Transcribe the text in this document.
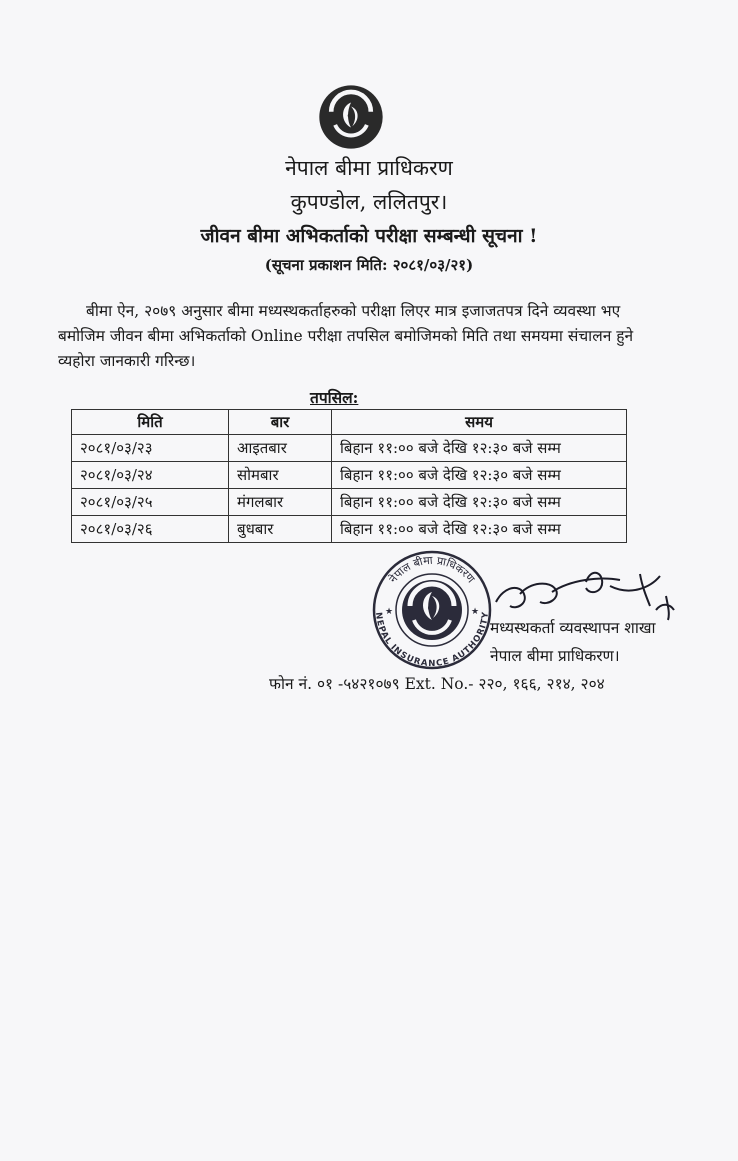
नेपाल बीमा प्राधिकरण
कुपण्डोल, ललितपुर।
जीवन बीमा अभिकर्ताको परीक्षा सम्बन्धी सूचना !
(सूचना प्रकाशन मिति: २०८१/०३/२१)
बीमा ऐन, २०७९ अनुसार बीमा मध्यस्थकर्ताहरुको परीक्षा लिएर मात्र इजाजतपत्र दिने व्यवस्था भए
बमोजिम जीवन बीमा अभिकर्ताको Online परीक्षा तपसिल बमोजिमको मिति तथा समयमा संचालन हुने
व्यहोरा जानकारी गरिन्छ।
तपसिल:
मिति	बार	समय
२०८१/०३/२३	आइतबार	बिहान ११:०० बजे देखि १२:३० बजे सम्म
२०८१/०३/२४	सोमबार	बिहान ११:०० बजे देखि १२:३० बजे सम्म
२०८१/०३/२५	मंगलबार	बिहान ११:०० बजे देखि १२:३० बजे सम्म
२०८१/०३/२६	बुधबार	बिहान ११:०० बजे देखि १२:३० बजे सम्म
नेपाल बीमा प्राधिकरण
NEPAL INSURANCE AUTHORITY
★	★
मध्यस्थकर्ता व्यवस्थापन शाखा
नेपाल बीमा प्राधिकरण।
फोन नं. ०१ -५४२१०७९ Ext. No.- २२०, १६६, २१४, २०४
